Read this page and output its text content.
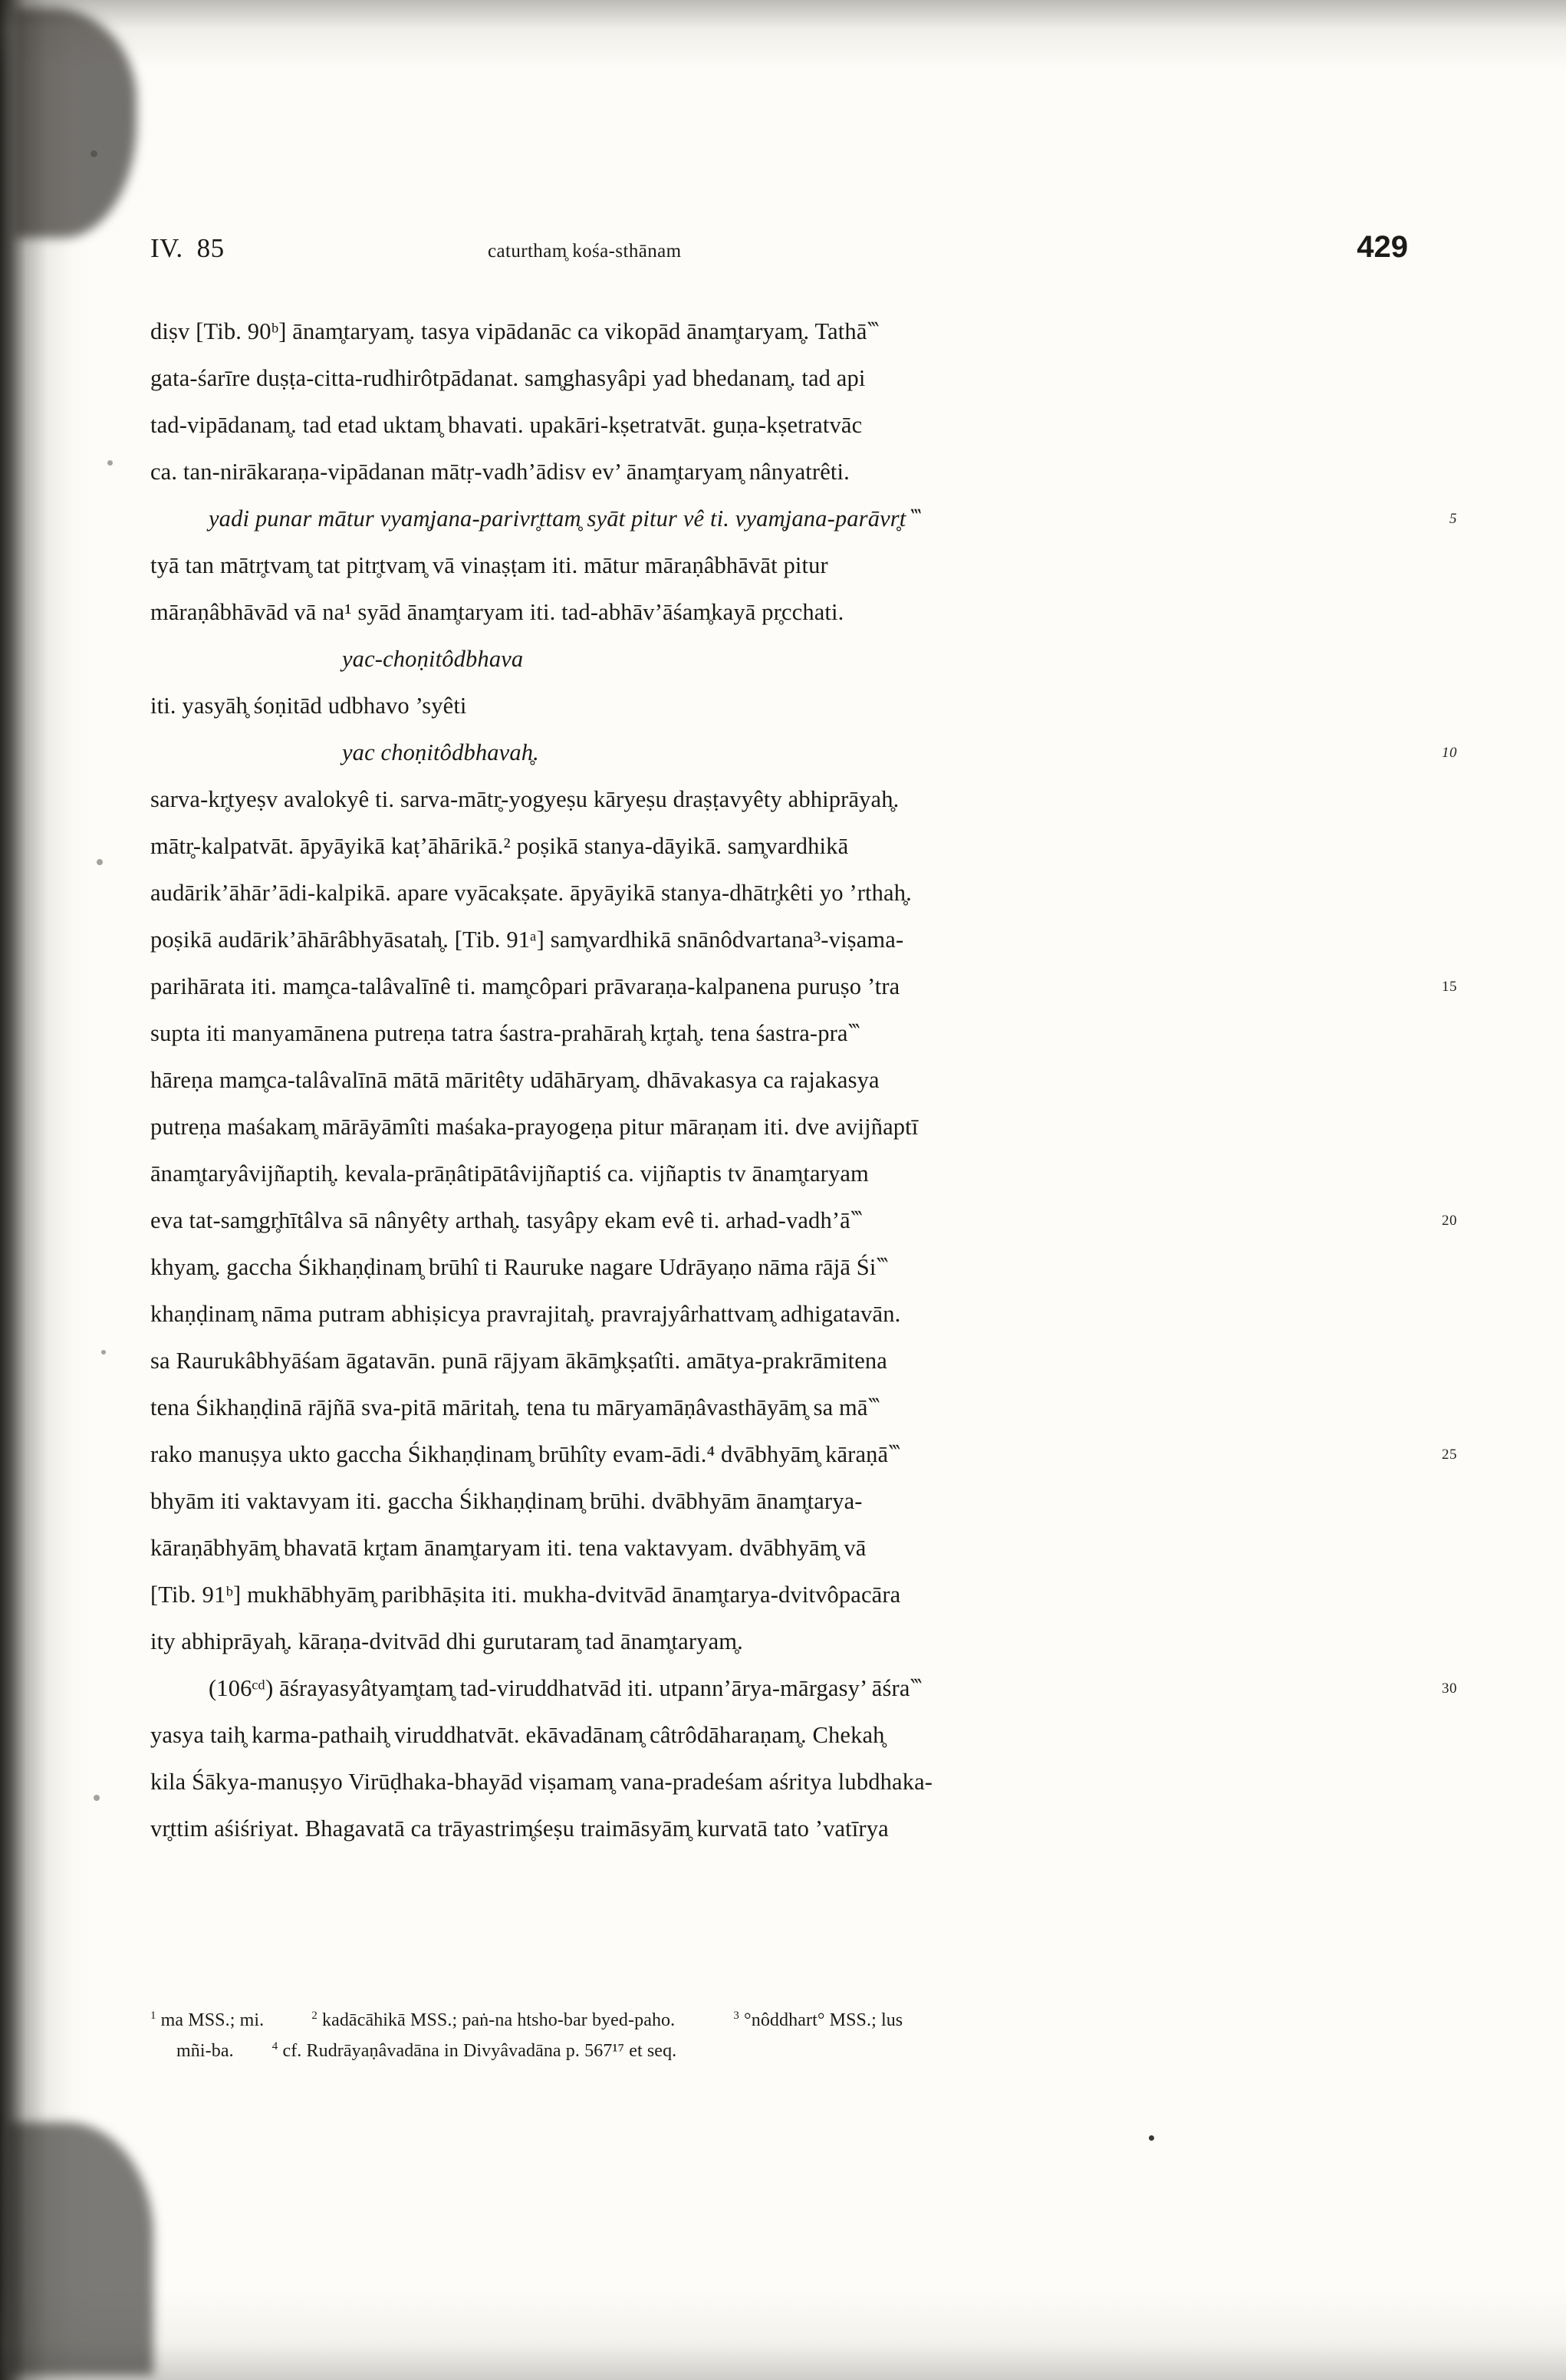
IV. 85	caturtham̥ kośa-sthānam	429
diṣv [Tib. 90ᵇ] ānam̥taryam̥. tasya vipādanāc ca vikopād ānam̥taryam̥. Tathā‷
gata-śarīre duṣṭa-citta-rudhirôtpādanat. sam̥ghasyâpi yad bhedanam̥. tad api
tad-vipādanam̥. tad etad uktam̥ bhavati. upakāri-kṣetratvāt. guṇa-kṣetratvāc
ca. tan-nirākaraṇa-vipādanan mātṛ-vadh’ādisv ev’ ānam̥taryam̥ nânyatrêti.
yadi punar mātur vyam̥jana-parivr̥ttam̥ syāt pitur vê ti. vyam̥jana-parāvr̥t‷	5
tyā tan mātr̥tvam̥ tat pitr̥tvam̥ vā vinaṣṭam iti. mātur māraṇâbhāvāt pitur
māraṇâbhāvād vā na¹ syād ānam̥taryam iti. tad-abhāv’āśam̥kayā pr̥cchati.
yac-choṇitôdbhava
iti. yasyāh̥ śoṇitād udbhavo ’syêti
yac choṇitôdbhavah̥.	10
sarva-kr̥tyeṣv avalokyê ti. sarva-mātr̥-yogyeṣu kāryeṣu draṣṭavyêty abhiprāyah̥.
mātr̥-kalpatvāt. āpyāyikā kaṭ’āhārikā.² poṣikā stanya-dāyikā. sam̥vardhikā
audārik’āhār’ādi-kalpikā. apare vyācakṣate. āpyāyikā stanya-dhātr̥kêti yo ’rthah̥.
poṣikā audārik’āhārâbhyāsatah̥. [Tib. 91ᵃ] sam̥vardhikā snānôdvartana³-viṣama-
parihārata iti. mam̥ca-talâvalīnê ti. mam̥côpari prāvaraṇa-kalpanena puruṣo ’tra	15
supta iti manyamānena putreṇa tatra śastra-prahārah̥ kr̥tah̥. tena śastra-pra‷
hāreṇa mam̥ca-talâvalīnā mātā māritêty udāhāryam̥. dhāvakasya ca rajakasya
putreṇa maśakam̥ mārāyāmîti maśaka-prayogeṇa pitur māraṇam iti. dve avijñaptī
ānam̥taryâvijñaptih̥. kevala-prāṇâtipātâvijñaptiś ca. vijñaptis tv ānam̥taryam
eva tat-sam̥gr̥hītâlva sā nânyêty arthah̥. tasyâpy ekam evê ti. arhad-vadh’ā‷	20
khyam̥. gaccha Śikhaṇḍinam̥ brūhî ti Rauruke nagare Udrāyaṇo nāma rājā Śi‷
khaṇḍinam̥ nāma putram abhiṣicya pravrajitah̥. pravrajyârhattvam̥ adhigatavān.
sa Raurukâbhyāśam āgatavān. punā rājyam ākām̥kṣatîti. amātya-prakrāmitena
tena Śikhaṇḍinā rājñā sva-pitā māritah̥. tena tu māryamāṇâvasthāyām̥ sa mā‷
rako manuṣya ukto gaccha Śikhaṇḍinam̥ brūhîty evam-ādi.⁴ dvābhyām̥ kāraṇā‷	25
bhyām iti vaktavyam iti. gaccha Śikhaṇḍinam̥ brūhi. dvābhyām ānam̥tarya-
kāraṇābhyām̥ bhavatā kr̥tam ānam̥taryam iti. tena vaktavyam. dvābhyām̥ vā
[Tib. 91ᵇ] mukhābhyām̥ paribhāṣita iti. mukha-dvitvād ānam̥tarya-dvitvôpacāra
ity abhiprāyah̥. kāraṇa-dvitvād dhi gurutaram̥ tad ānam̥taryam̥.
(106ᶜᵈ) āśrayasyâtyam̥tam̥ tad-viruddhatvād iti. utpann’ārya-mārgasy’ āśra‷	30
yasya taih̥ karma-pathaih̥ viruddhatvāt. ekāvadānam̥ câtrôdāharaṇam̥. Chekah̥
kila Śākya-manuṣyo Virūḍhaka-bhayād viṣamam̥ vana-pradeśam aśritya lubdhaka-
vr̥ttim aśiśriyat. Bhagavatā ca trāyastrim̥śeṣu traimāsyām̥ kurvatā tato ’vatīrya
$^1$ ma MSS.; mi.	$^2$ kadācāhikā MSS.; paṅ-na htsho-bar byed-paho.	$^3$ °nôddhart° MSS.; lus
mñi-ba.	$^4$ cf. Rudrāyaṇâvadāna in Divyâvadāna p. 567¹⁷ et seq.
